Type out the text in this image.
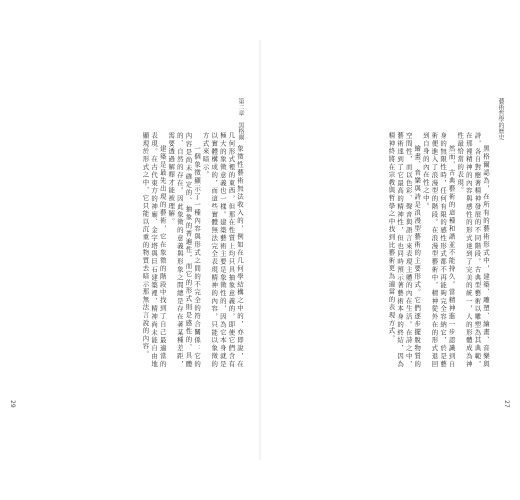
第二章　黑格爾

象徵性藝術無法收入的，例如在几何學結構之中的，亦即說，在几何形式裡的東西，但那在性質上均只具抽象意義的，即使它們含有極大的象徵意義也一樣。建築藝術主要是象徵性的，因為它本身就是以實體構成的，而這些實體無法完全表現精神的內容，只能以象徵的方式來暗示。

一個象徵顯示了一種內容與形式之間的不完全的符合關係：它的內容是尚未確定的、抽象的普遍性，而它的形式則是感性的、具體的、自然的存在。因此象徵的意義與形象之間總是存在著某種差距，需要透過解釋才能被理解。

建築是最先出現的藝術，它在象徵的階段中找到了自己最適當的表現。在古代東方的神廟、金字塔與巨石建築裡，精神尚未能自由地顯現於形式之中，它只能以沉重的物質去暗示那無法言說的內容。

29
藝術哲學的歷史

黑格爾認為，在所有的藝術形式中，建築、雕塑、繪畫、音樂與詩，各自對應著精神發展的不同階段。古典型藝術以雕塑為其典範，在那裡精神的內容與感性的形式達到了完美的統一，人的形體成為神性最恰當的表現。

然而，古典藝術的這種和諧並不能持久。當精神進一步認識到自身的無限性時，任何有限的感性形式都不再能夠完全容納它，於是藝術便進入了浪漫型的階段。在浪漫型藝術中，精神從外在的形式退回到自身的內在性之中。

繪畫、音樂與詩是浪漫型藝術的主要形式。它們逐步擺脫物質的空間性，而以色彩、聲音與語言來表現主體的內在生活。在詩之中，藝術達到了它最高的精神性，但也同時預示著藝術本身的終結，因為精神終將在宗教與哲學之中找到比藝術更為適當的表現方式。

27
